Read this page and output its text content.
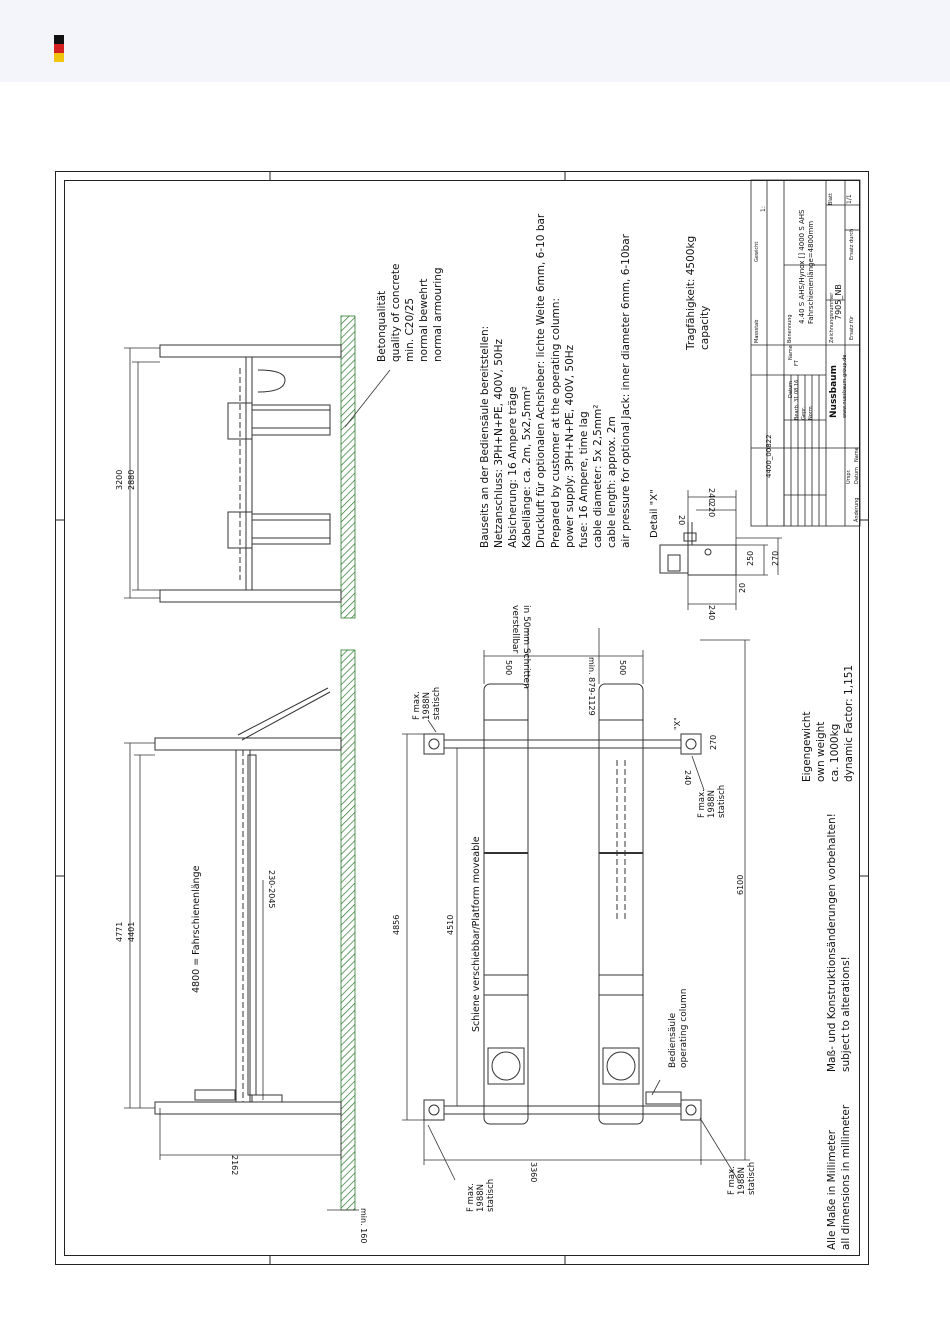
Betonqualität quality of concrete min. C20/25 normal bewehrt normal armouring
Bauseits an der Bediensäule bereitstellen: Netzanschluss: 3PH+N+PE, 400V, 50Hz Absicherung: 16 Ampere träge Kabellänge: ca. 2m, 5x2,5mm² Druckluft für optionalen Achsheber: lichte Weite 6mm, 6-10 bar Prepared by customer at the operating column: power supply: 3PH+N+PE, 400V, 50Hz fuse: 16 Ampere, time lag cable diameter: 5x 2,5mm² cable length: approx. 2m air pressure for optional Jack: inner diameter 6mm, 6-10bar	Tragfähigkeit: 4500kg capacity
Eigengewicht own weight ca. 1000kg dynamic Factor: 1,151
Maß- und Konstruktionsänderungen vorbehalten! subject to alterations!
Alle Maße in Millimeter all dimensions in millimeter
Bediensäule operating column
Schiene verschiebbar/Platform moveable
4800 = Fahrschienenlänge
Detail "X"
"X"
in 50mm Schritten
verstellbar
F max. 1988N statisch
F max. 1988N statisch
F max. 1988N statisch	F max. 1988N statisch
3200 2880
4771 4401
2162
min. 160
230-2045
4856	4510
6100
3360
500	500
min. 879-1129
240
270
240
220
20
250 270
20
240
Massstab
Gewicht
1:
Benennung
Datum
Name
Bearb. Gepr. Norm
31.08.16
FT
4.40 S AHS/Hynox [] 4000 S AHS Fahrschienenlänge=4800mm	Zeichnungsnummer 7905_NB
Blatt 1/1
Ersatz durch
Ersatz für
Nussbaum www.nussbaum-group.de
4400_00822
Änderung
Datum
Name
Urspr.
